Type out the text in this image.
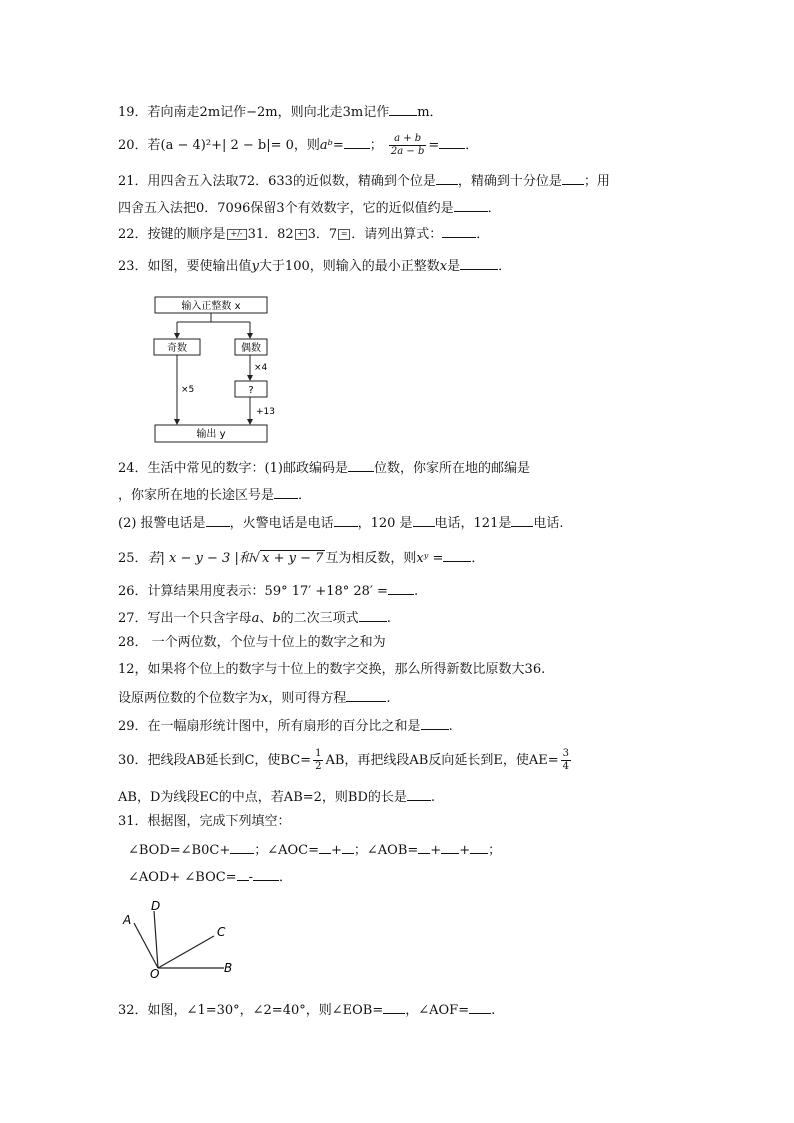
19．若向南走2m记作−2m，则向北走3m记作 m．
20．若(a − 4)²+| 2 − b|= 0，则aᵇ= ； $\frac{a + b}{2a - b}$ = ．
21．用四舍五入法取72．633的近似数，精确到个位是 ，精确到十分位是 ；用
四舍五入法把0．7096保留3个有效数字，它的近似值约是	．
22．按键的顺序是 +/- 31．82 + 3．7 = ．请列出算式：	．
23．如图，要使输出值y大于100，则输入的最小正整数x是	．
输入正整数 x
奇数	偶数
×4
?
+13
×5
输出 y
24．生活中常见的数字：(1)邮政编码是 位数，你家所在地的邮编是
，你家所在地的长途区号是 ．
(2) 报警电话是 ，火警电话是电话 ，120 是 电话，121是 电话.
25．若| x − y − 3 |和√ x + y − 7 互为相反数，则xʸ = ．
26．计算结果用度表示：59° 17′ +18° 28′ = .
27．写出一个只含字母a、b的二次三项式 .
28． 一个两位数，个位与十位上的数字之和为
12，如果将个位上的数字与十位上的数字交换，那么所得新数比原数大36.
设原两位数的个位数字为x，则可得方程	.
29．在一幅扇形统计图中，所有扇形的百分比之和是 .
30．把线段AB延长到C，使$BC= \frac{1}{2}$ AB，再把线段AB反向延长到E，使$AE= \frac{3}{4}$
AB，D为线段EC的中点，若AB=2，则BD的长是 .
31．根据图，完成下列填空：
∠BOD=∠B0C+ ；∠AOC= + ；∠AOB= + + ；
∠AOD+ ∠BOC= - ．
A
D
C
B
O
32．如图，∠1=30°，∠2=40°，则∠EOB= ，∠AOF= .
